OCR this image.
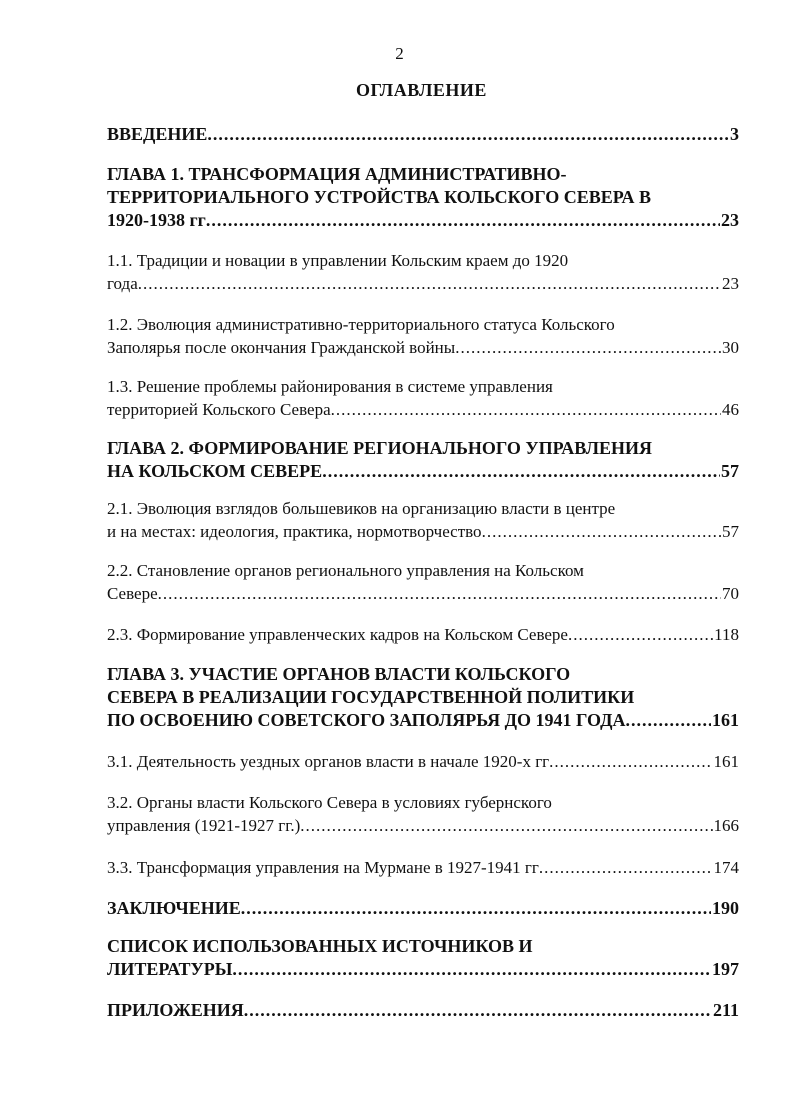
2
ОГЛАВЛЕНИЕ
ВВЕДЕНИЕ .....	3
ГЛАВА 1. ТРАНСФОРМАЦИЯ АДМИНИСТРАТИВНО-
ТЕРРИТОРИАЛЬНОГО УСТРОЙСТВА КОЛЬСКОГО СЕВЕРА В
1920-1938 гг .....	23
1.1. Традиции и новации в управлении Кольским краем до 1920
года .....	23
1.2. Эволюция административно-территориального статуса Кольского
Заполярья после окончания Гражданской войны .....	30
1.3. Решение проблемы районирования в системе управления
территорией Кольского Севера .....	46
ГЛАВА 2. ФОРМИРОВАНИЕ РЕГИОНАЛЬНОГО УПРАВЛЕНИЯ
НА КОЛЬСКОМ СЕВЕРЕ .....	57
2.1. Эволюция взглядов большевиков на организацию власти в центре
и на местах: идеология, практика, нормотворчество .....	57
2.2. Становление органов регионального управления на Кольском
Севере .....	70
2.3. Формирование управленческих кадров на Кольском Севере .....	118
ГЛАВА 3. УЧАСТИЕ ОРГАНОВ ВЛАСТИ КОЛЬСКОГО
СЕВЕРА В РЕАЛИЗАЦИИ ГОСУДАРСТВЕННОЙ ПОЛИТИКИ
ПО ОСВОЕНИЮ СОВЕТСКОГО ЗАПОЛЯРЬЯ ДО 1941 ГОДА .....	161
3.1. Деятельность уездных органов власти в начале 1920-х гг .....	161
3.2. Органы власти Кольского Севера в условиях губернского
управления (1921-1927 гг.) .....	166
3.3. Трансформация управления на Мурмане в 1927-1941 гг .....	174
ЗАКЛЮЧЕНИЕ .....	190
СПИСОК ИСПОЛЬЗОВАННЫХ ИСТОЧНИКОВ И
ЛИТЕРАТУРЫ .....	197
ПРИЛОЖЕНИЯ .....	211
